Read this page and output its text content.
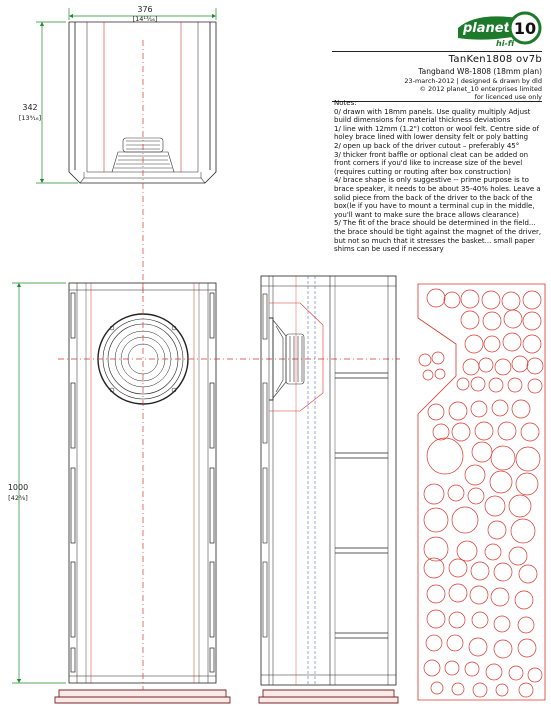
376
[14¹³⁄₁₆]
342
[13⁹⁄₁₆]
1000
[42³⁄₈]
planet
hi-fi
10
TanKen1808 ov7b
Tangband W8-1808 (18mm plan)
23-march-2012 | designed & drawn by dld
© 2012 planet_10 enterprises limited
for licenced use only
Notes:
0/ drawn with 18mm panels. Use quality multiply Adjust build dimensions for material thickness deviations
1/ line with 12mm (1.2") cotton or wool felt. Centre side of holey brace lined with lower density felt or poly batting
2/ open up back of the driver cutout – preferably 45°
3/ thicker front baffle or optional cleat can be added on front corners if you'd like to increase size of the bevel (requires cutting or routing after box construction)
4/ brace shape is only suggestive -- prime purpose is to brace speaker, it needs to be about 35-40% holes. Leave a solid piece from the back of the driver to the back of the box(le if you have to mount a terminal cup in the middle, you'll want to make sure the brace allows clearance)
5/ The fit of the brace should be determined in the field... the brace should be tight against the magnet of the driver, but not so much that it stresses the basket... small paper shims can be used if necessary
